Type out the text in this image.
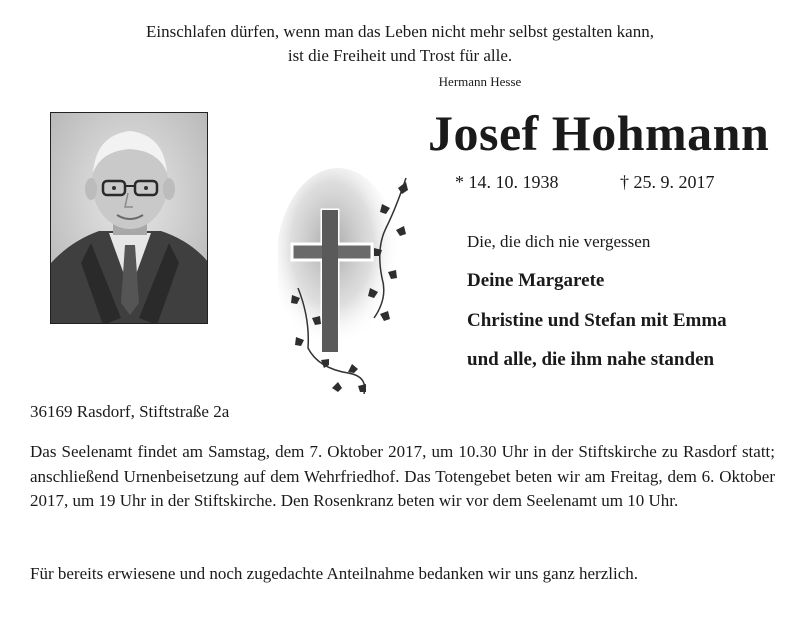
Einschlafen dürfen, wenn man das Leben nicht mehr selbst gestalten kann,
ist die Freiheit und Trost für alle.
Hermann Hesse
Josef Hohmann
* 14. 10. 1938	† 25. 9. 2017
Die, die dich nie vergessen
Deine Margarete
Christine und Stefan mit Emma
und alle, die ihm nahe standen
36169 Rasdorf, Stiftstraße 2a

Das Seelenamt findet am Samstag, dem 7. Oktober 2017, um 10.30 Uhr in der Stiftskirche zu Rasdorf statt; anschließend Urnenbeisetzung auf dem Wehrfriedhof. Das Totengebet beten wir am Freitag, dem 6. Oktober 2017, um 19 Uhr in der Stiftskirche. Den Rosenkranz beten wir vor dem Seelenamt um 10 Uhr.

Für bereits erwiesene und noch zugedachte Anteilnahme bedanken wir uns ganz herzlich.
